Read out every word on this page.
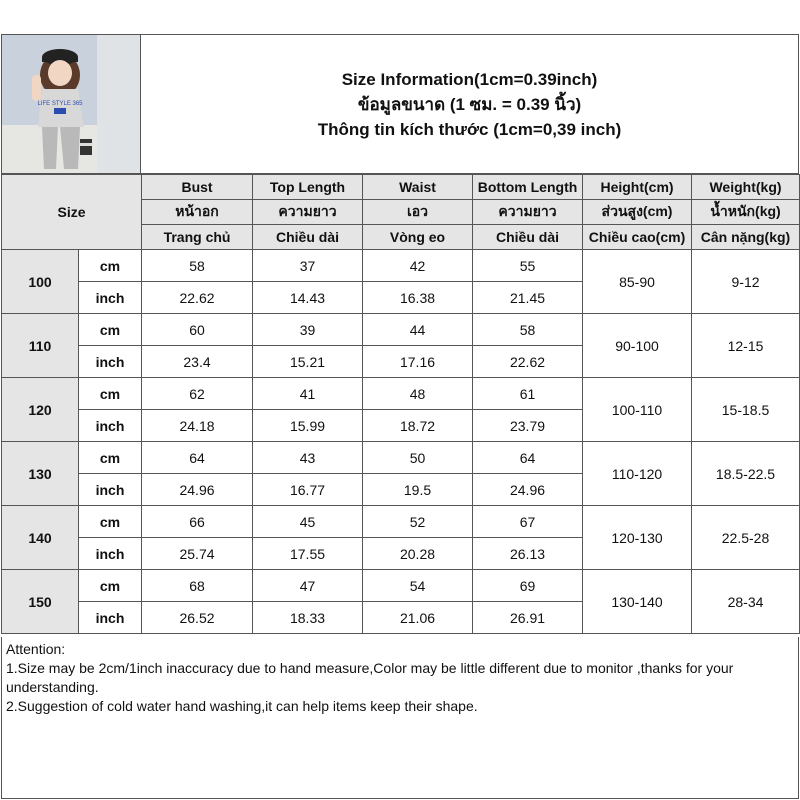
LIFE STYLE 365
Size Information(1cm=0.39inch)
ข้อมูลขนาด (1 ซม. = 0.39 นิ้ว)
Thông tin kích thước (1cm=0,39 inch)
Size		Bust	Top Length	Waist	Bottom Length	Height(cm)	Weight(kg)
		หน้าอก	ความยาว	เอว	ความยาว	ส่วนสูง(cm)	น้ำหนัก(kg)
		Trang chủ	Chiều dài	Vòng eo	Chiều dài	Chiều cao(cm)	Cân nặng(kg)
100	cm	58	37	42	55	85-90	9-12
	inch	22.62	14.43	16.38	21.45		
110	cm	60	39	44	58	90-100	12-15
	inch	23.4	15.21	17.16	22.62		
120	cm	62	41	48	61	100-110	15-18.5
	inch	24.18	15.99	18.72	23.79		
130	cm	64	43	50	64	110-120	18.5-22.5
	inch	24.96	16.77	19.5	24.96		
140	cm	66	45	52	67	120-130	22.5-28
	inch	25.74	17.55	20.28	26.13		
150	cm	68	47	54	69	130-140	28-34
	inch	26.52	18.33	21.06	26.91		

Attention:

1.Size may be 2cm/1inch inaccuracy due to hand measure,Color may be little different due to monitor ,thanks for your understanding.

2.Suggestion of cold water hand washing,it can help items keep their shape.
